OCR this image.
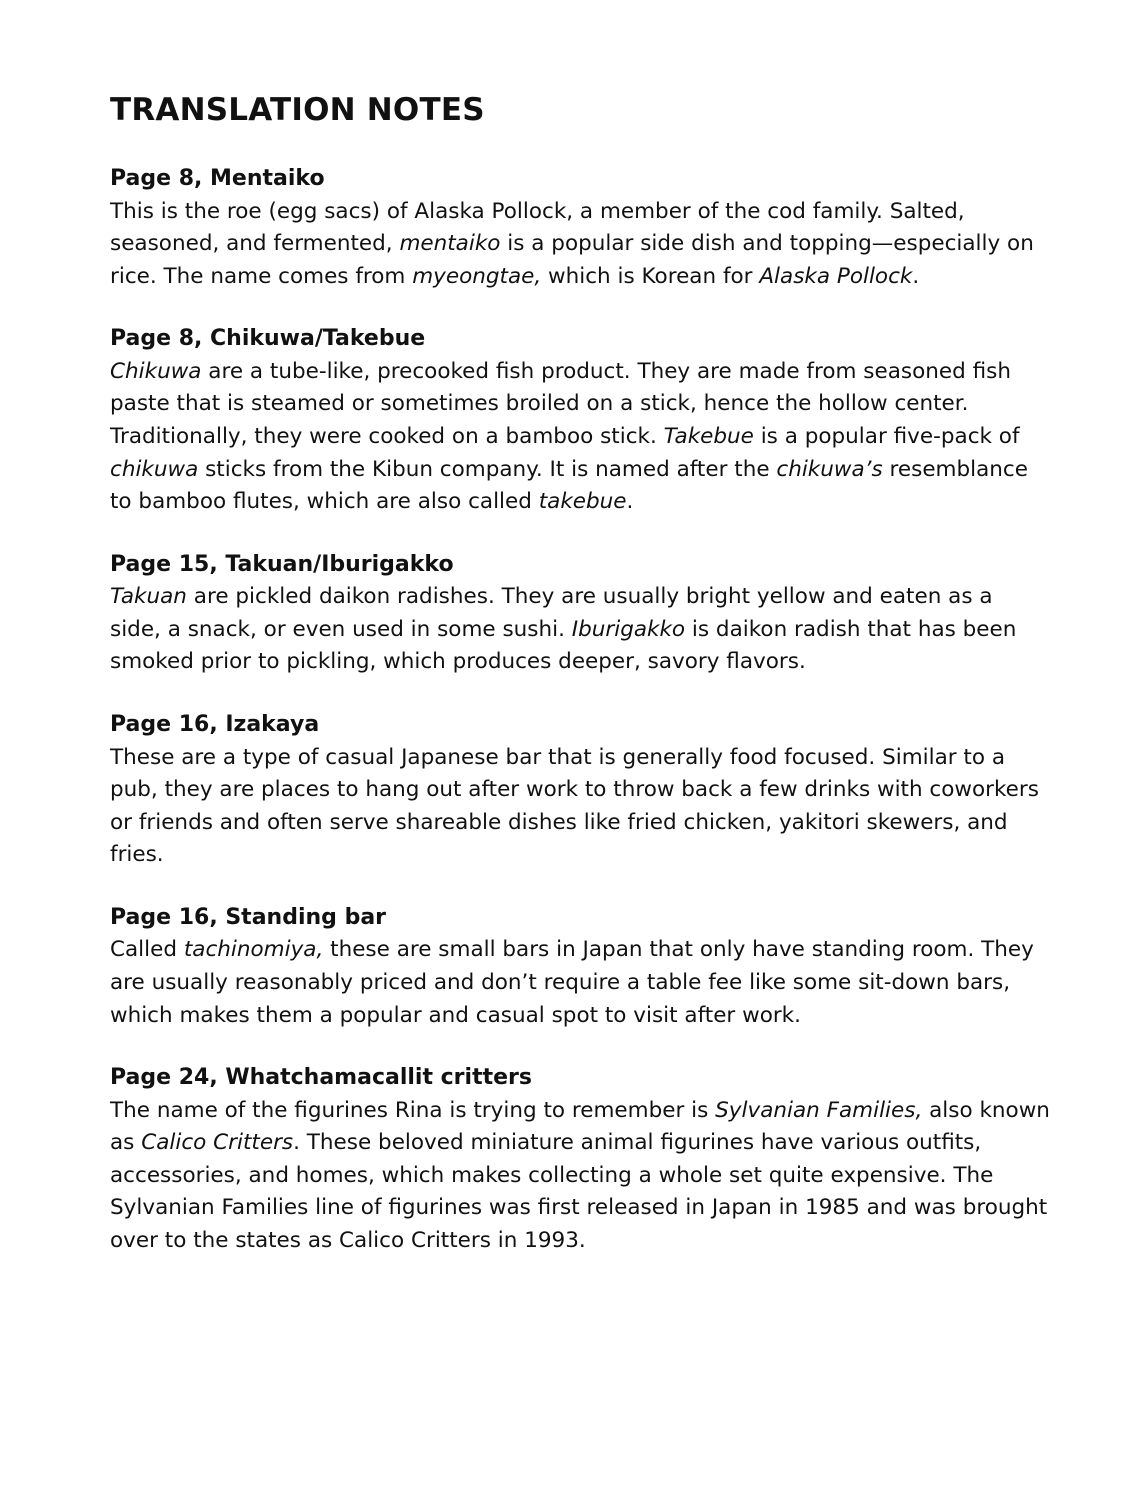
TRANSLATION NOTES

Page 8, Mentaiko

This is the roe (egg sacs) of Alaska Pollock, a member of the cod family. Salted, seasoned, and fermented, mentaiko is a popular side dish and topping—especially on rice. The name comes from myeongtae, which is Korean for Alaska Pollock.

Page 8, Chikuwa/Takebue

Chikuwa are a tube-like, precooked fish product. They are made from seasoned fish paste that is steamed or sometimes broiled on a stick, hence the hollow center. Traditionally, they were cooked on a bamboo stick. Takebue is a popular five-pack of chikuwa sticks from the Kibun company. It is named after the chikuwa’s resemblance to bamboo flutes, which are also called takebue.

Page 15, Takuan/Iburigakko

Takuan are pickled daikon radishes. They are usually bright yellow and eaten as a side, a snack, or even used in some sushi. Iburigakko is daikon radish that has been smoked prior to pickling, which produces deeper, savory flavors.

Page 16, Izakaya

These are a type of casual Japanese bar that is generally food focused. Similar to a pub, they are places to hang out after work to throw back a few drinks with coworkers or friends and often serve shareable dishes like fried chicken, yakitori skewers, and fries.

Page 16, Standing bar

Called tachinomiya, these are small bars in Japan that only have standing room. They are usually reasonably priced and don’t require a table fee like some sit-down bars, which makes them a popular and casual spot to visit after work.

Page 24, Whatchamacallit critters

The name of the figurines Rina is trying to remember is Sylvanian Families, also known as Calico Critters. These beloved miniature animal figurines have various outfits, accessories, and homes, which makes collecting a whole set quite expensive. The Sylvanian Families line of figurines was first released in Japan in 1985 and was brought over to the states as Calico Critters in 1993.
